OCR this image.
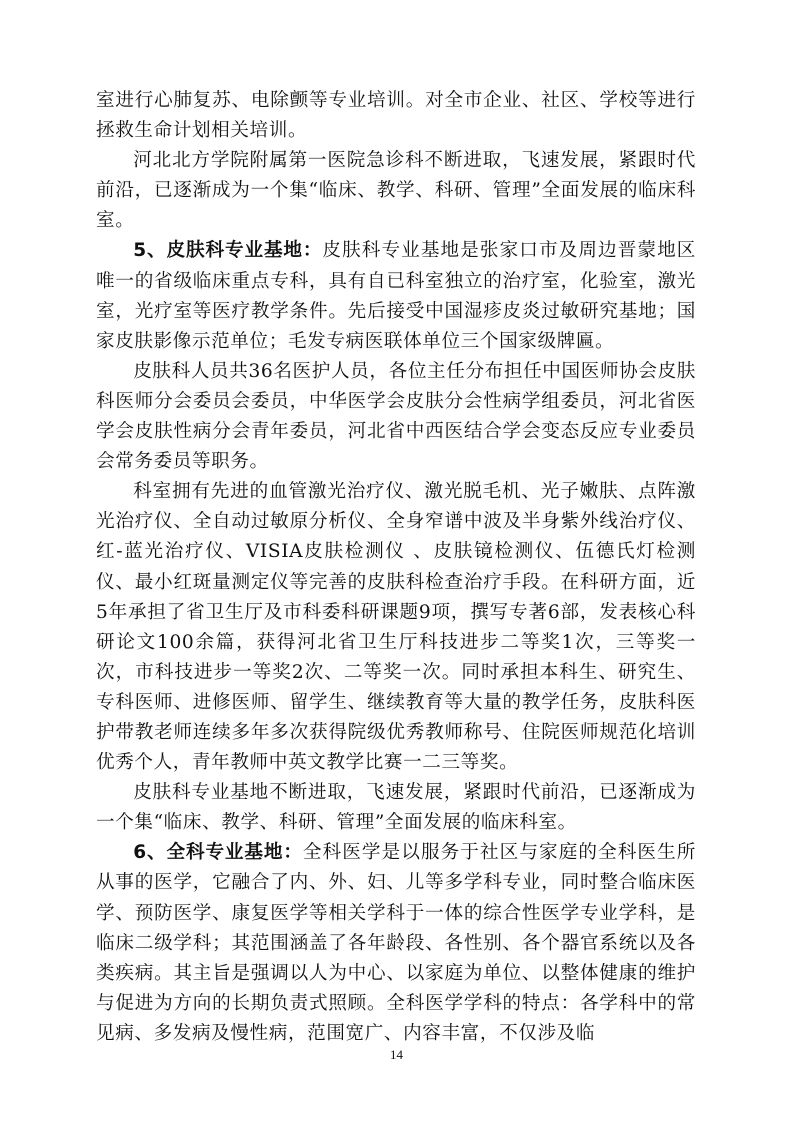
室进行心肺复苏、电除颤等专业培训。对全市企业、社区、学校等进行拯救生命计划相关培训。

河北北方学院附属第一医院急诊科不断进取，飞速发展，紧跟时代前沿，已逐渐成为一个集“临床、教学、科研、管理”全面发展的临床科室。

5、皮肤科专业基地：皮肤科专业基地是张家口市及周边晋蒙地区唯一的省级临床重点专科，具有自已科室独立的治疗室，化验室，激光室，光疗室等医疗教学条件。先后接受中国湿疹皮炎过敏研究基地；国家皮肤影像示范单位；毛发专病医联体单位三个国家级牌匾。

皮肤科人员共36名医护人员，各位主任分布担任中国医师协会皮肤科医师分会委员会委员，中华医学会皮肤分会性病学组委员，河北省医学会皮肤性病分会青年委员，河北省中西医结合学会变态反应专业委员会常务委员等职务。

科室拥有先进的血管激光治疗仪、激光脱毛机、光子嫩肤、点阵激光治疗仪、全自动过敏原分析仪、全身窄谱中波及半身紫外线治疗仪、红-蓝光治疗仪、VISIA皮肤检测仪 、皮肤镜检测仪、伍德氏灯检测仪、最小红斑量测定仪等完善的皮肤科检查治疗手段。在科研方面，近5年承担了省卫生厅及市科委科研课题9项，撰写专著6部，发表核心科研论文100余篇，获得河北省卫生厅科技进步二等奖1次，三等奖一次，市科技进步一等奖2次、二等奖一次。同时承担本科生、研究生、专科医师、进修医师、留学生、继续教育等大量的教学任务，皮肤科医护带教老师连续多年多次获得院级优秀教师称号、住院医师规范化培训优秀个人，青年教师中英文教学比赛一二三等奖。

皮肤科专业基地不断进取，飞速发展，紧跟时代前沿，已逐渐成为一个集“临床、教学、科研、管理”全面发展的临床科室。

6、全科专业基地：全科医学是以服务于社区与家庭的全科医生所从事的医学，它融合了内、外、妇、儿等多学科专业，同时整合临床医学、预防医学、康复医学等相关学科于一体的综合性医学专业学科，是临床二级学科；其范围涵盖了各年龄段、各性别、各个器官系统以及各类疾病。其主旨是强调以人为中心、以家庭为单位、以整体健康的维护与促进为方向的长期负责式照顾。全科医学学科的特点：各学科中的常见病、多发病及慢性病，范围宽广、内容丰富，不仅涉及临

14
